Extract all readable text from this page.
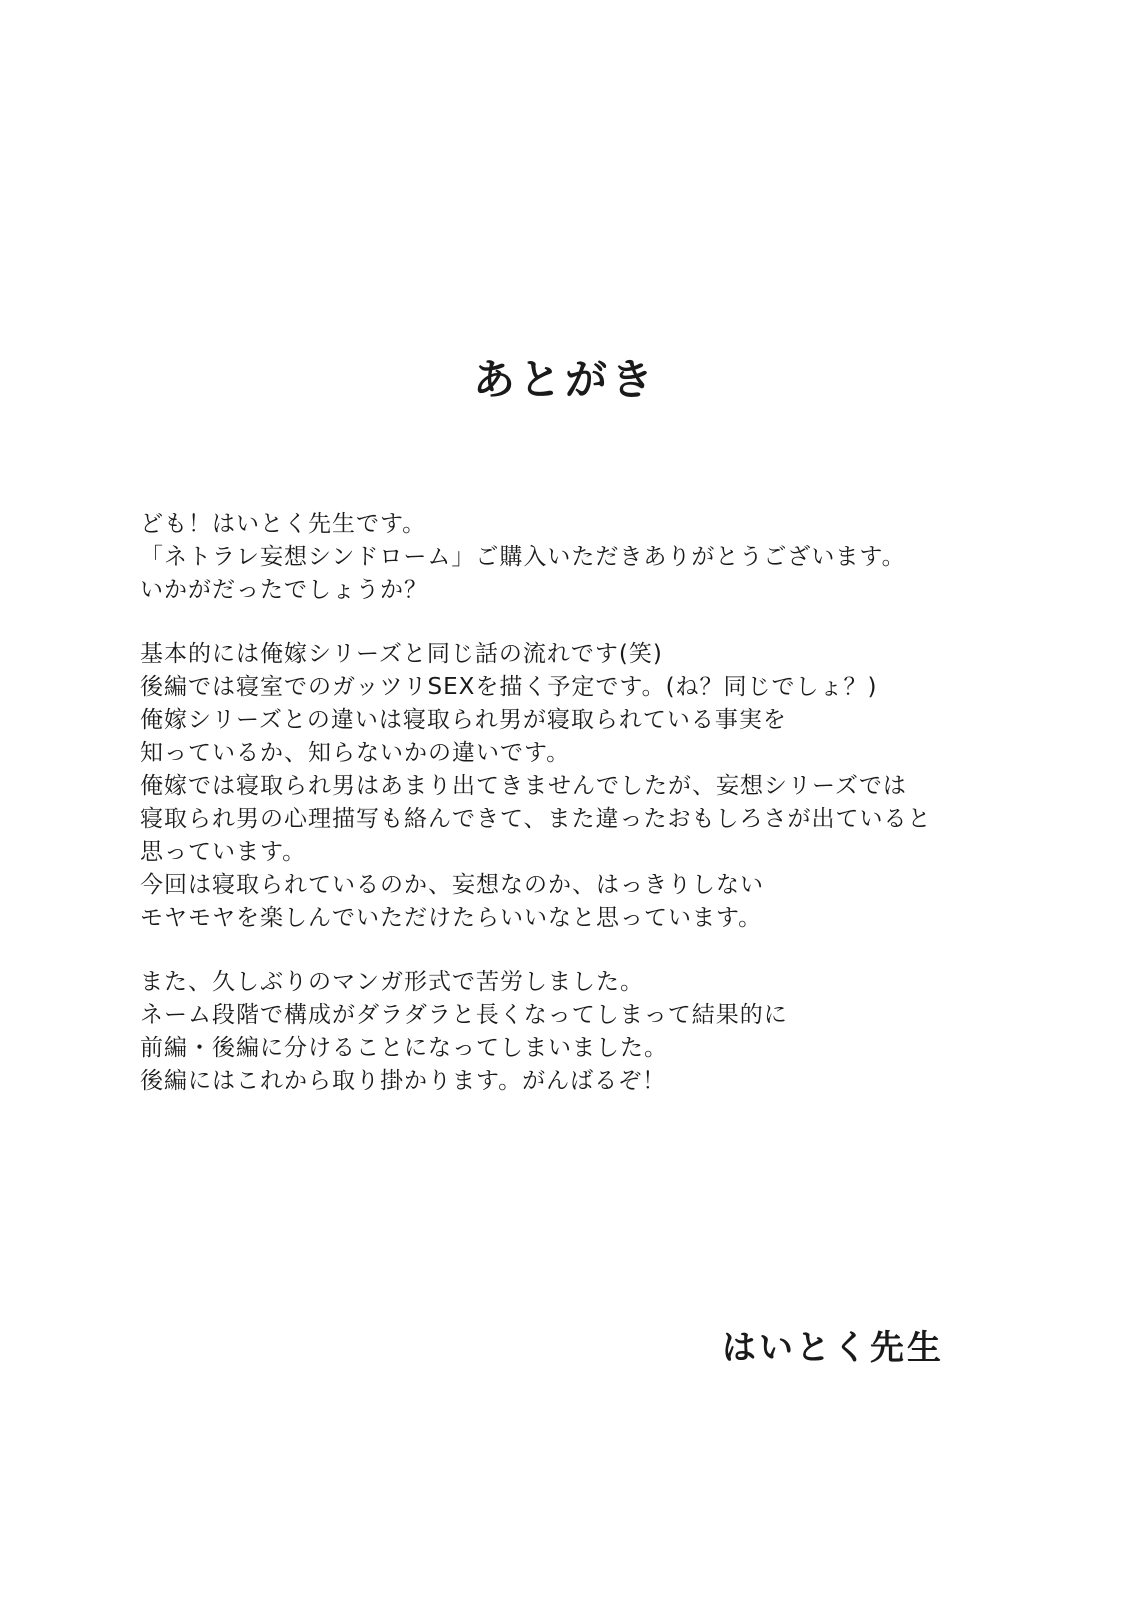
あとがき
ども！はいとく先生です。
「ネトラレ妄想シンドローム」ご購入いただきありがとうございます。
いかがだったでしょうか？
基本的には俺嫁シリーズと同じ話の流れです(笑)
後編では寝室でのガッツリSEXを描く予定です。(ね？同じでしょ？)
俺嫁シリーズとの違いは寝取られ男が寝取られている事実を
知っているか、知らないかの違いです。
俺嫁では寝取られ男はあまり出てきませんでしたが、妄想シリーズでは
寝取られ男の心理描写も絡んできて、また違ったおもしろさが出ていると
思っています。
今回は寝取られているのか、妄想なのか、はっきりしない
モヤモヤを楽しんでいただけたらいいなと思っています。
また、久しぶりのマンガ形式で苦労しました。
ネーム段階で構成がダラダラと長くなってしまって結果的に
前編・後編に分けることになってしまいました。
後編にはこれから取り掛かります。がんばるぞ！
はいとく先生
